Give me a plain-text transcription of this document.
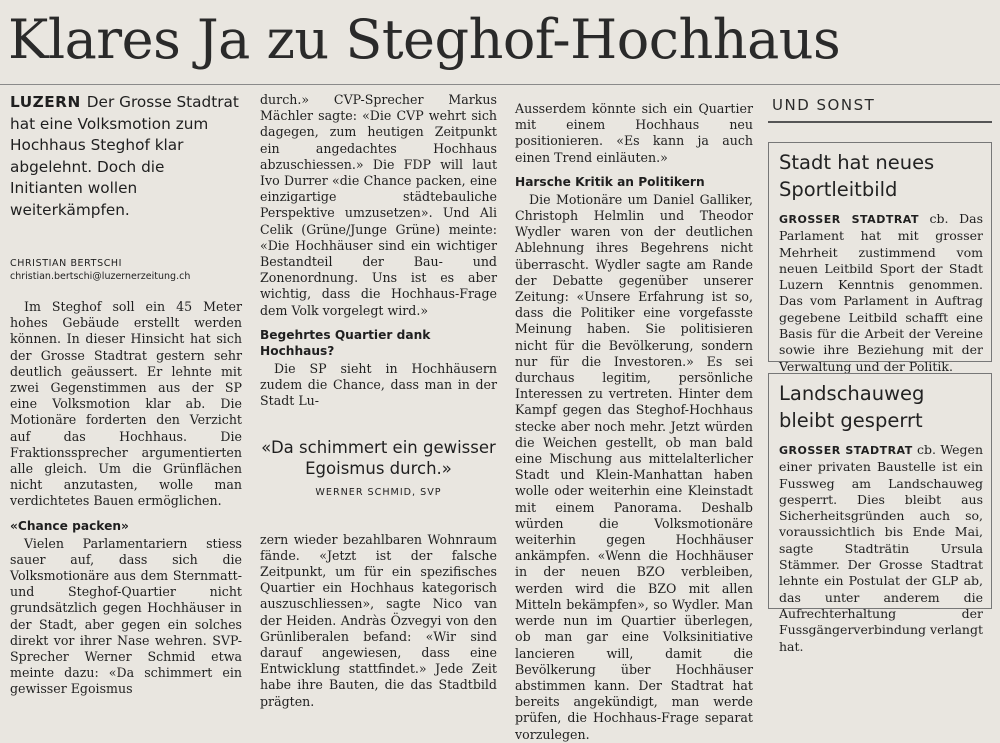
Klares Ja zu Steghof-Hochhaus
LUZERN Der Grosse Stadtrat hat eine Volksmotion zum Hochhaus Steghof klar abgelehnt. Doch die Initianten wollen weiterkämpfen.
CHRISTIAN BERTSCHI
christian.bertschi@luzernerzeitung.ch

Im Steghof soll ein 45 Meter hohes Gebäude erstellt werden können. In dieser Hinsicht hat sich der Grosse Stadtrat gestern sehr deutlich geäussert. Er lehnte mit zwei Gegenstimmen aus der SP eine Volksmotion klar ab. Die Motionäre forderten den Verzicht auf das Hochhaus. Die Fraktionssprecher argumentierten alle gleich. Um die Grünflächen nicht anzutasten, wolle man verdichtetes Bauen ermöglichen.

«Chance packen»

Vielen Parlamentariern stiess sauer auf, dass sich die Volksmotionäre aus dem Sternmatt- und Steghof-Quartier nicht grundsätzlich gegen Hochhäuser in der Stadt, aber gegen ein solches direkt vor ihrer Nase wehren. SVP-Sprecher Werner Schmid etwa meinte dazu: «Da schimmert ein gewisser Egoismus

durch.» CVP-Sprecher Markus Mächler sagte: «Die CVP wehrt sich dagegen, zum heutigen Zeitpunkt ein angedachtes Hochhaus abzuschiessen.» Die FDP will laut Ivo Durrer «die Chance packen, eine einzigartige städtebauliche Perspektive umzusetzen». Und Ali Celik (Grüne/Junge Grüne) meinte: «Die Hochhäuser sind ein wichtiger Bestandteil der Bau- und Zonenordnung. Uns ist es aber wichtig, dass die Hochhaus-Frage dem Volk vorgelegt wird.»

Begehrtes Quartier dank Hochhaus?

Die SP sieht in Hochhäusern zudem die Chance, dass man in der Stadt Lu-

«Da schimmert ein gewisser Egoismus durch.»
WERNER SCHMID, SVP

zern wieder bezahlbaren Wohnraum fände. «Jetzt ist der falsche Zeitpunkt, um für ein spezifisches Quartier ein Hochhaus kategorisch auszuschliessen», sagte Nico van der Heiden. Andràs Özvegyi von den Grünliberalen befand: «Wir sind darauf angewiesen, dass eine Entwicklung stattfindet.» Jede Zeit habe ihre Bauten, die das Stadtbild prägten.

Ausserdem könnte sich ein Quartier mit einem Hochhaus neu positionieren. «Es kann ja auch einen Trend einläuten.»

Harsche Kritik an Politikern

Die Motionäre um Daniel Galliker, Christoph Helmlin und Theodor Wydler waren von der deutlichen Ablehnung ihres Begehrens nicht überrascht. Wydler sagte am Rande der Debatte gegenüber unserer Zeitung: «Unsere Erfahrung ist so, dass die Politiker eine vorgefasste Meinung haben. Sie politisieren nicht für die Bevölkerung, sondern nur für die Investoren.» Es sei durchaus legitim, persönliche Interessen zu vertreten. Hinter dem Kampf gegen das Steghof-Hochhaus stecke aber noch mehr. Jetzt würden die Weichen gestellt, ob man bald eine Mischung aus mittelalterlicher Stadt und Klein-Manhattan haben wolle oder weiterhin eine Kleinstadt mit einem Panorama. Deshalb würden die Volksmotionäre weiterhin gegen Hochhäuser ankämpfen. «Wenn die Hochhäuser in der neuen BZO verbleiben, werden wird die BZO mit allen Mitteln bekämpfen», so Wydler. Man werde nun im Quartier überlegen, ob man gar eine Volksinitiative lancieren will, damit die Bevölkerung über Hochhäuser abstimmen kann. Der Stadtrat hat bereits angekündigt, man werde prüfen, die Hochhaus-Frage separat vorzulegen.

UND SONST
Stadt hat neues Sportleitbild

GROSSER STADTRAT cb. Das Parlament hat mit grosser Mehrheit zustimmend vom neuen Leitbild Sport der Stadt Luzern Kenntnis genommen. Das vom Parlament in Auftrag gegebene Leitbild schafft eine Basis für die Arbeit der Vereine sowie ihre Beziehung mit der Verwaltung und der Politik.

Landschauweg bleibt gesperrt

GROSSER STADTRAT cb. Wegen einer privaten Baustelle ist ein Fussweg am Landschauweg gesperrt. Dies bleibt aus Sicherheitsgründen auch so, voraussichtlich bis Ende Mai, sagte Stadträtin Ursula Stämmer. Der Grosse Stadtrat lehnte ein Postulat der GLP ab, das unter anderem die Aufrechterhaltung der Fussgängerverbindung verlangt hat.
